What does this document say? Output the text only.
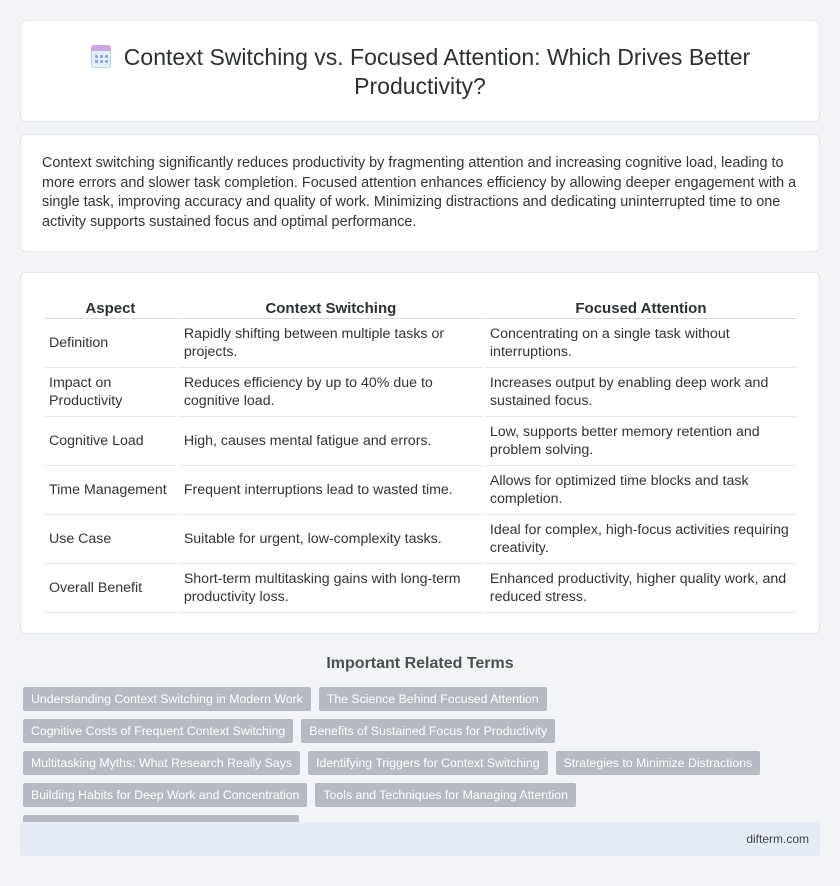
Context Switching vs. Focused Attention: Which Drives Better Productivity?

Context switching significantly reduces productivity by fragmenting attention and increasing cognitive load, leading to more errors and slower task completion. Focused attention enhances efficiency by allowing deeper engagement with a single task, improving accuracy and quality of work. Minimizing distractions and dedicating uninterrupted time to one activity supports sustained focus and optimal performance.

Aspect	Context Switching	Focused Attention
Definition	Rapidly shifting between multiple tasks or projects.	Concentrating on a single task without interruptions.
Impact on Productivity	Reduces efficiency by up to 40% due to cognitive load.	Increases output by enabling deep work and sustained focus.
Cognitive Load	High, causes mental fatigue and errors.	Low, supports better memory retention and problem solving.
Time Management	Frequent interruptions lead to wasted time.	Allows for optimized time blocks and task completion.
Use Case	Suitable for urgent, low-complexity tasks.	Ideal for complex, high-focus activities requiring creativity.
Overall Benefit	Short-term multitasking gains with long-term productivity loss.	Enhanced productivity, higher quality work, and reduced stress.
Important Related Terms
Understanding Context Switching in Modern Work	The Science Behind Focused Attention
Cognitive Costs of Frequent Context Switching	Benefits of Sustained Focus for Productivity
Multitasking Myths: What Research Really Says	Identifying Triggers for Context Switching	Strategies to Minimize Distractions
Building Habits for Deep Work and Concentration	Tools and Techniques for Managing Attention
difterm.com
